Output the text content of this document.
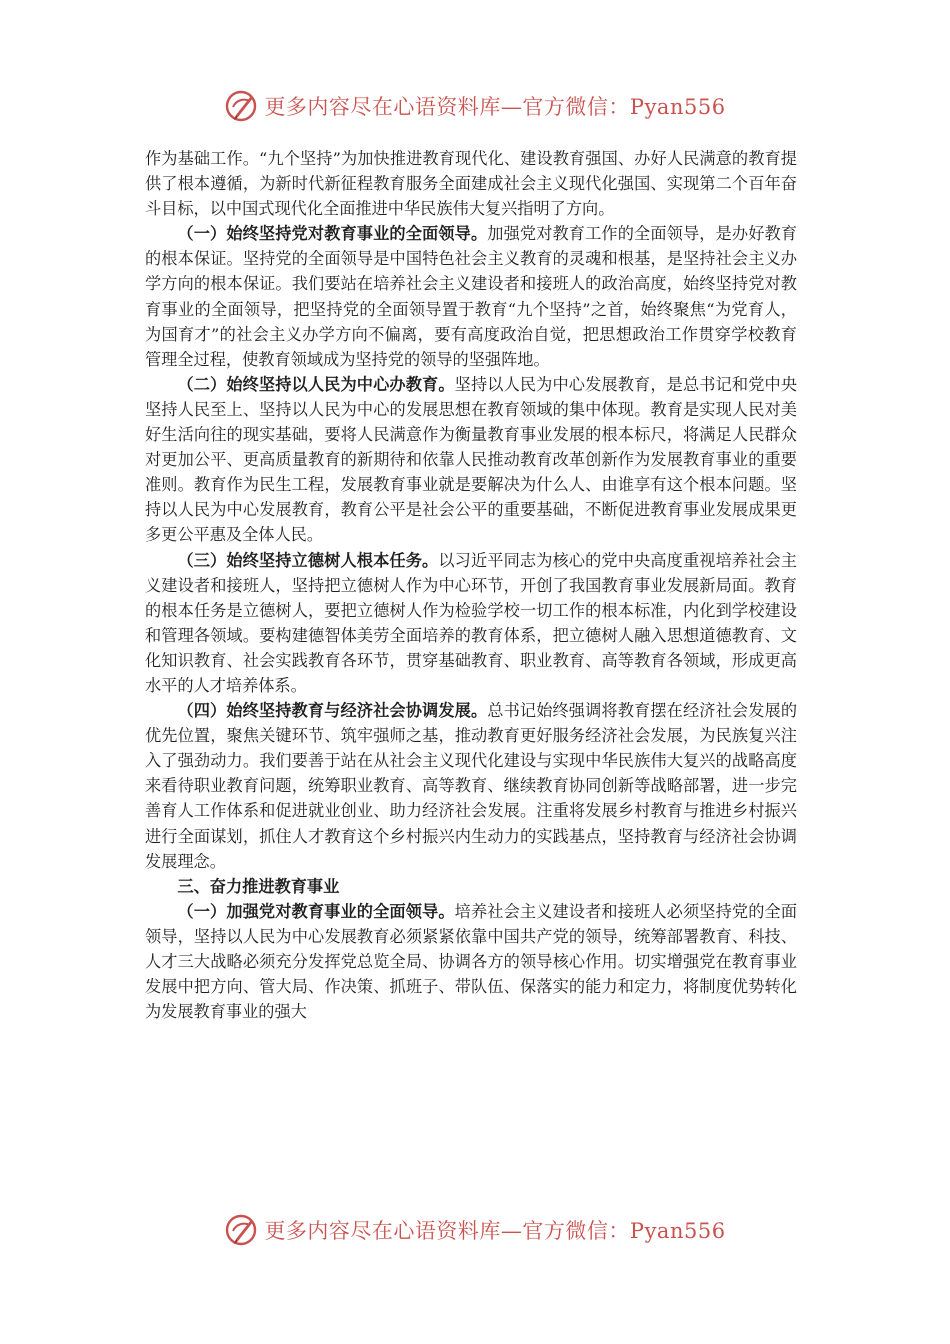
更多内容尽在心语资料库—官方微信：Pyan556

作为基础工作。“九个坚持”为加快推进教育现代化、建设教育强国、办好人民满意的教育提供了根本遵循，为新时代新征程教育服务全面建成社会主义现代化强国、实现第二个百年奋斗目标，以中国式现代化全面推进中华民族伟大复兴指明了方向。

（一）始终坚持党对教育事业的全面领导。加强党对教育工作的全面领导，是办好教育的根本保证。坚持党的全面领导是中国特色社会主义教育的灵魂和根基，是坚持社会主义办学方向的根本保证。我们要站在培养社会主义建设者和接班人的政治高度，始终坚持党对教育事业的全面领导，把坚持党的全面领导置于教育“九个坚持”之首，始终聚焦“为党育人，为国育才”的社会主义办学方向不偏离，要有高度政治自觉，把思想政治工作贯穿学校教育管理全过程，使教育领域成为坚持党的领导的坚强阵地。

（二）始终坚持以人民为中心办教育。坚持以人民为中心发展教育，是总书记和党中央坚持人民至上、坚持以人民为中心的发展思想在教育领域的集中体现。教育是实现人民对美好生活向往的现实基础，要将人民满意作为衡量教育事业发展的根本标尺，将满足人民群众对更加公平、更高质量教育的新期待和依靠人民推动教育改革创新作为发展教育事业的重要准则。教育作为民生工程，发展教育事业就是要解决为什么人、由谁享有这个根本问题。坚持以人民为中心发展教育，教育公平是社会公平的重要基础，不断促进教育事业发展成果更多更公平惠及全体人民。

（三）始终坚持立德树人根本任务。以习近平同志为核心的党中央高度重视培养社会主义建设者和接班人，坚持把立德树人作为中心环节，开创了我国教育事业发展新局面。教育的根本任务是立德树人，要把立德树人作为检验学校一切工作的根本标准，内化到学校建设和管理各领域。要构建德智体美劳全面培养的教育体系，把立德树人融入思想道德教育、文化知识教育、社会实践教育各环节，贯穿基础教育、职业教育、高等教育各领域，形成更高水平的人才培养体系。

（四）始终坚持教育与经济社会协调发展。总书记始终强调将教育摆在经济社会发展的优先位置，聚焦关键环节、筑牢强师之基，推动教育更好服务经济社会发展，为民族复兴注入了强劲动力。我们要善于站在从社会主义现代化建设与实现中华民族伟大复兴的战略高度来看待职业教育问题，统筹职业教育、高等教育、继续教育协同创新等战略部署，进一步完善育人工作体系和促进就业创业、助力经济社会发展。注重将发展乡村教育与推进乡村振兴进行全面谋划，抓住人才教育这个乡村振兴内生动力的实践基点，坚持教育与经济社会协调发展理念。

三、奋力推进教育事业

（一）加强党对教育事业的全面领导。培养社会主义建设者和接班人必须坚持党的全面领导，坚持以人民为中心发展教育必须紧紧依靠中国共产党的领导，统筹部署教育、科技、人才三大战略必须充分发挥党总览全局、协调各方的领导核心作用。切实增强党在教育事业发展中把方向、管大局、作决策、抓班子、带队伍、保落实的能力和定力，将制度优势转化为发展教育事业的强大

更多内容尽在心语资料库—官方微信：Pyan556
